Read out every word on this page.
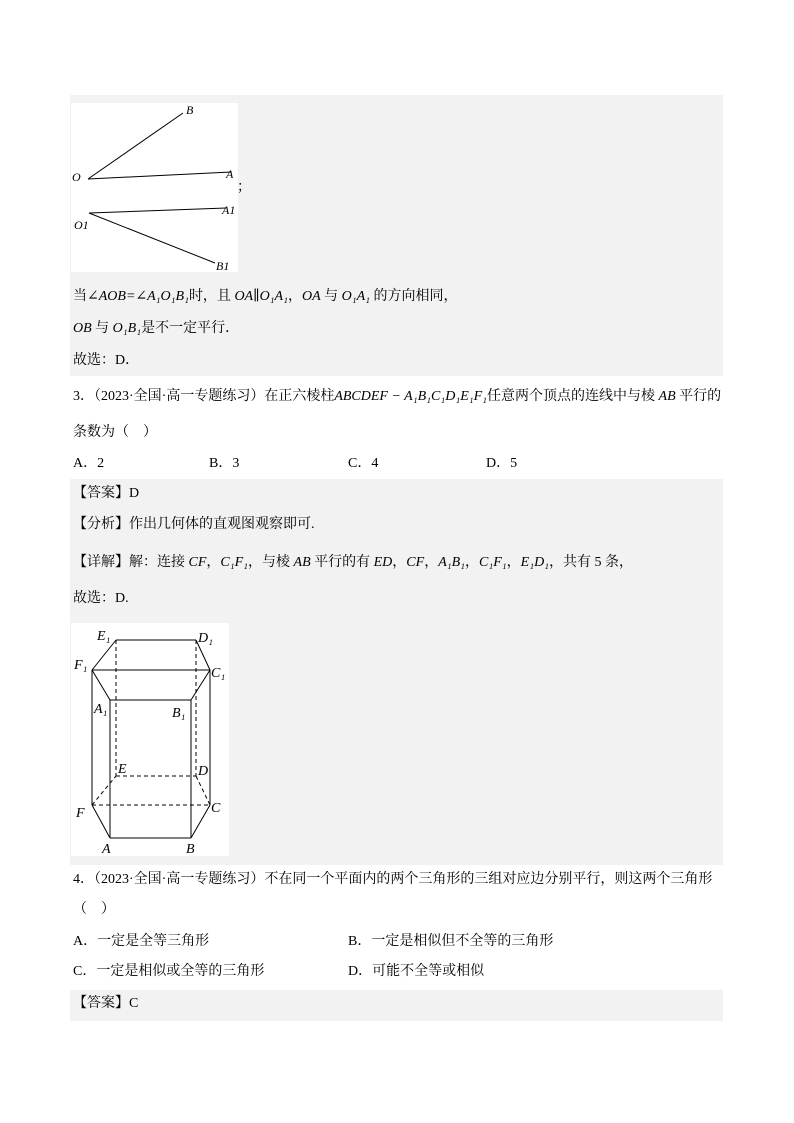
B
O	A
O1
A1
B1
；
当 ∠AOB=∠A₁O₁B₁ 时，且 OA∥O₁A₁ ， OA 与 O₁A₁ 的方向相同，
OB 与 O₁B₁ 是不一定平行．
故选：D．
3．（2023·全国·高一专题练习）在正六棱柱 ABCDEF − A₁B₁C₁D₁E₁F₁ 任意两个顶点的连线中与棱 AB 平行的
条数为（　）
A．2	B．3	C．4	D．5
【答案】D
【分析】作出几何体的直观图观察即可.
【详解】解：连接 CF ， C₁F₁ ，与棱 AB 平行的有 ED ， CF ， A₁B₁ ， C₁F₁ ， E₁D₁ ，共有 5 条，
故选：D.
E₁	D₁
F₁
C₁
A₁	B₁
E	D
C
F
A	B
4．（2023·全国·高一专题练习）不在同一个平面内的两个三角形的三组对应边分别平行，则这两个三角形
（　）
A．一定是全等三角形	B．一定是相似但不全等的三角形
C．一定是相似或全等的三角形	D．可能不全等或相似
【答案】C
